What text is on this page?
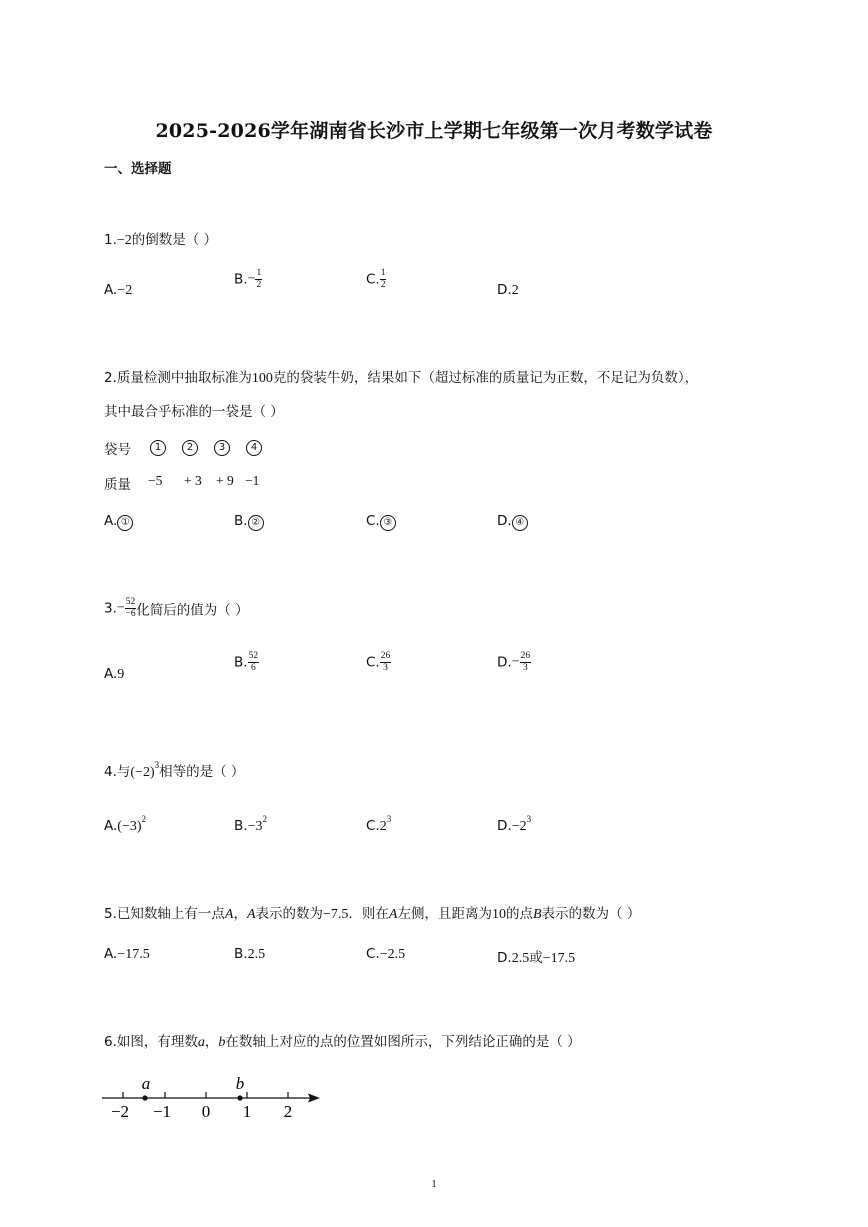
2025-2026学年湖南省长沙市上学期七年级第一次月考数学试卷
一、选择题
1.−2的倒数是（ ）
A.−2
$B.- \frac{1}{2}$	C. $\frac{1}{2}$	D.2
2.质量检测中抽取标准为100克的袋装牛奶，结果如下（超过标准的质量记为正数，不足记为负数），
其中最合乎标准的一袋是（ ）
袋号	1	2	3	4
质量 −5 + 3 + 9 −1
A. ①	B. ②	C. ③	D. ④
$3.- \frac{52}{-6}$ 化简后的值为（ ）
A.9
B. $\frac{52}{6}$	C. $\frac{26}{3}$	$D.- \frac{26}{3}$
4.与$(-2)^3$相等的是（ ）
$A.(-3)^2$	$B.-3^2$	$C.2^3$	$D.-2^3$
5.已知数轴上有一点A，A表示的数为−7.5．则在A左侧，且距离为10的点B表示的数为（ ）
A.−17.5	B.2.5	C.−2.5	D.2.5或−17.5
6.如图，有理数a，b在数轴上对应的点的位置如图所示，下列结论正确的是（ ）
a	b
−2 −1 0 1 2
1
